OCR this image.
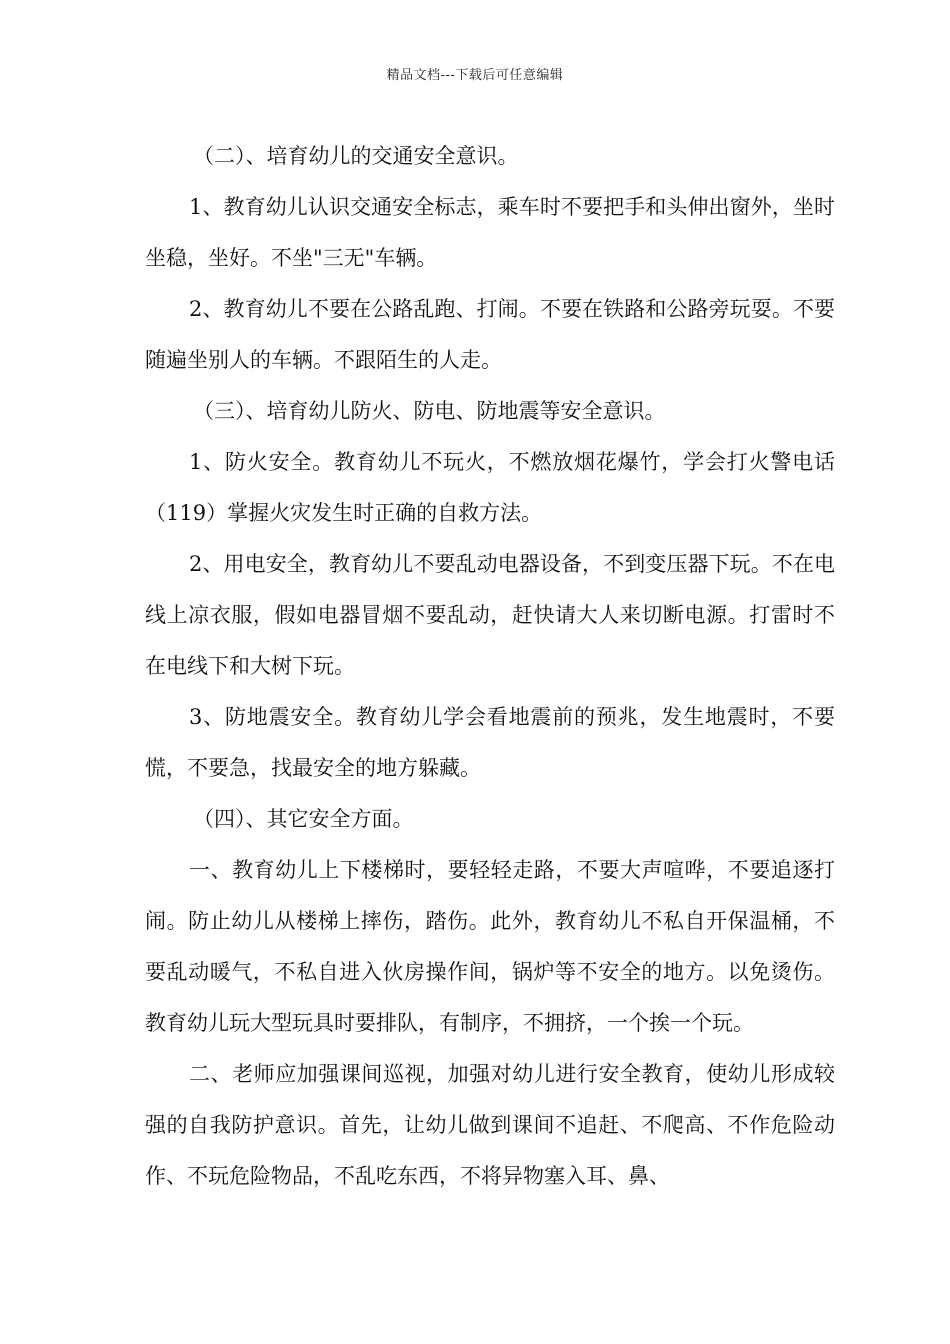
精品文档---下载后可任意编辑

（二）、培育幼儿的交通安全意识。

1、教育幼儿认识交通安全标志，乘车时不要把手和头伸出窗外，坐时坐稳，坐好。不坐"三无"车辆。

2、教育幼儿不要在公路乱跑、打闹。不要在铁路和公路旁玩耍。不要随遍坐别人的车辆。不跟陌生的人走。

（三）、培育幼儿防火、防电、防地震等安全意识。

1、防火安全。教育幼儿不玩火，不燃放烟花爆竹，学会打火警电话（119）掌握火灾发生时正确的自救方法。

2、用电安全，教育幼儿不要乱动电器设备，不到变压器下玩。不在电线上凉衣服，假如电器冒烟不要乱动，赶快请大人来切断电源。打雷时不在电线下和大树下玩。

3、防地震安全。教育幼儿学会看地震前的预兆，发生地震时，不要慌，不要急，找最安全的地方躲藏。

（四）、其它安全方面。

一、教育幼儿上下楼梯时，要轻轻走路，不要大声喧哗，不要追逐打闹。防止幼儿从楼梯上摔伤，踏伤。此外，教育幼儿不私自开保温桶，不要乱动暖气，不私自进入伙房操作间，锅炉等不安全的地方。以免烫伤。教育幼儿玩大型玩具时要排队，有制序，不拥挤，一个挨一个玩。

二、老师应加强课间巡视，加强对幼儿进行安全教育，使幼儿形成较强的自我防护意识。首先，让幼儿做到课间不追赶、不爬高、不作危险动作、不玩危险物品，不乱吃东西，不将异物塞入耳、鼻、
